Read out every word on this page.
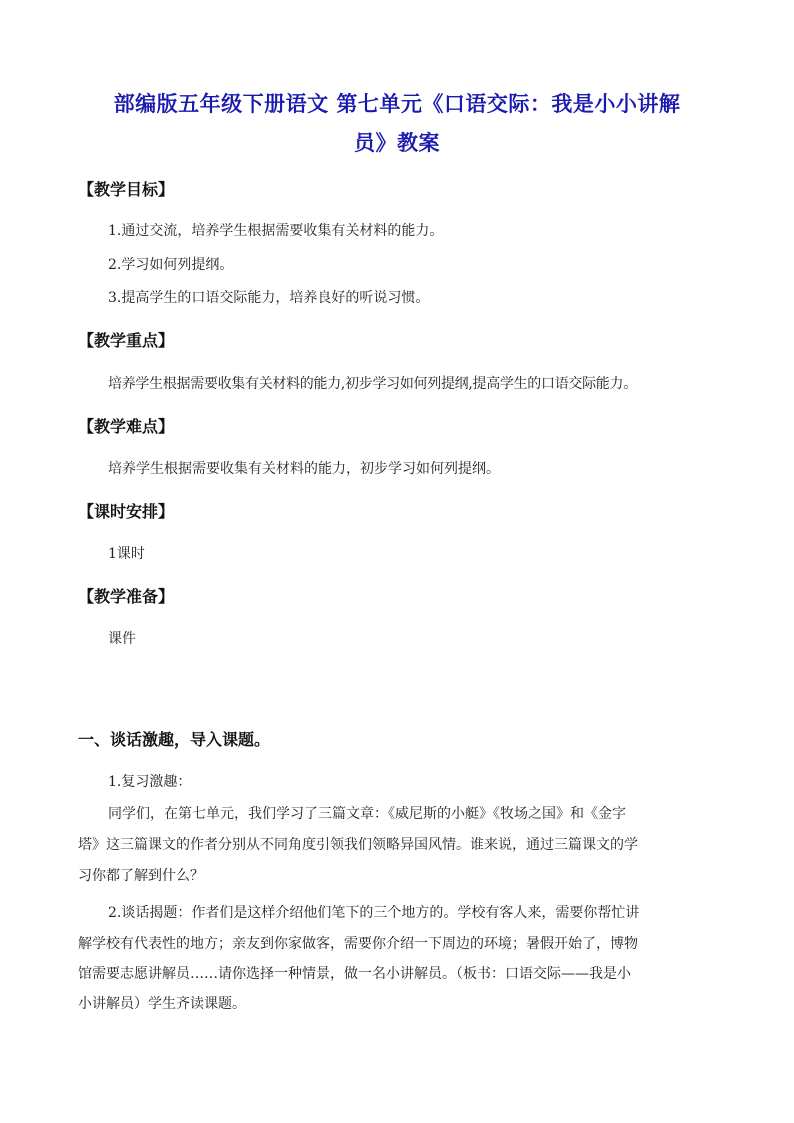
部编版五年级下册语文 第七单元《口语交际：我是小小讲解
员》教案
【教学目标】
1.通过交流，培养学生根据需要收集有关材料的能力。
2.学习如何列提纲。
3.提高学生的口语交际能力，培养良好的听说习惯。
【教学重点】
培养学生根据需要收集有关材料的能力,初步学习如何列提纲,提高学生的口语交际能力。
【教学难点】
培养学生根据需要收集有关材料的能力，初步学习如何列提纲。
【课时安排】
1课时
【教学准备】
课件
一、谈话激趣，导入课题。
1.复习激趣：
同学们，在第七单元，我们学习了三篇文章：《威尼斯的小艇》《牧场之国》和《金字
塔》这三篇课文的作者分别从不同角度引领我们领略异国风情。谁来说，通过三篇课文的学
习你都了解到什么？
2.谈话揭题：作者们是这样介绍他们笔下的三个地方的。学校有客人来，需要你帮忙讲
解学校有代表性的地方；亲友到你家做客，需要你介绍一下周边的环境；暑假开始了，博物
馆需要志愿讲解员……请你选择一种情景，做一名小讲解员。（板书：口语交际——我是小
小讲解员）学生齐读课题。
